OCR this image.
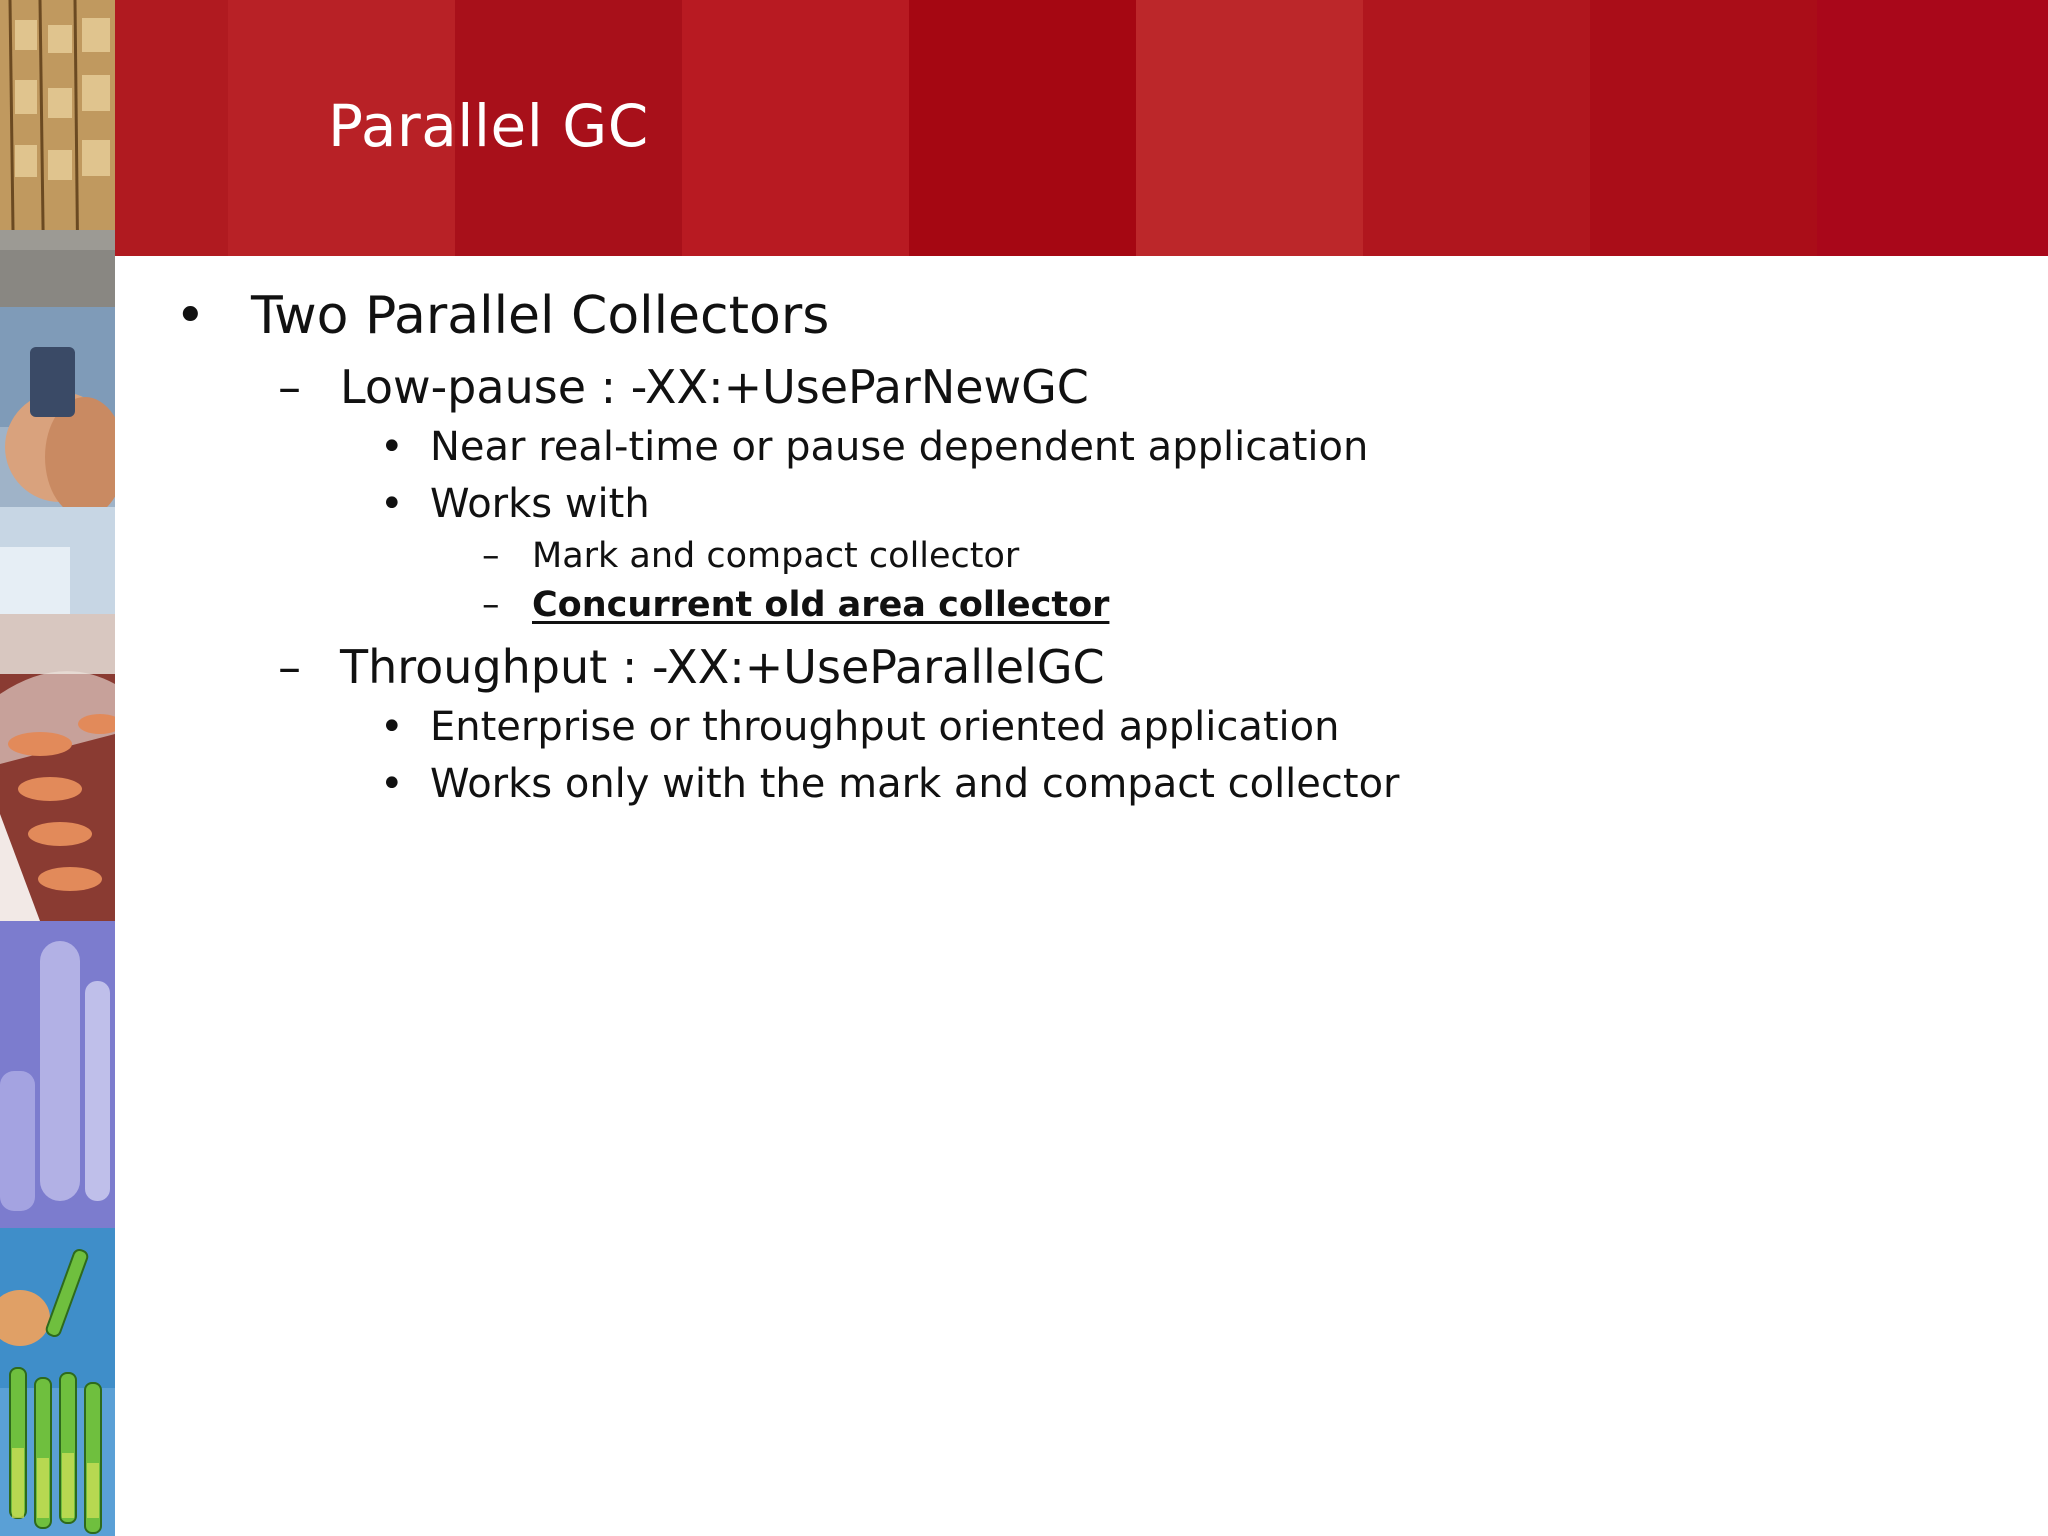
Parallel GC
• Two Parallel Collectors
– Low-pause : -XX:+UseParNewGC
• Near real-time or pause dependent application
• Works with
– Mark and compact collector
– Concurrent old area collector
– Throughput : -XX:+UseParallelGC
• Enterprise or throughput oriented application
• Works only with the mark and compact collector
